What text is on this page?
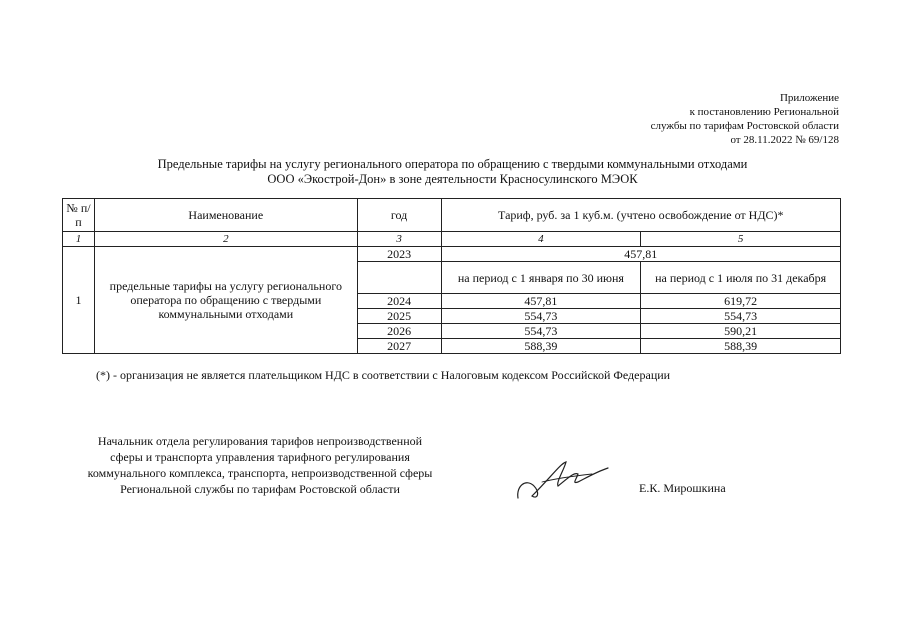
Приложение
к постановлению Региональной
службы по тарифам Ростовской области
от 28.11.2022 № 69/128
Предельные тарифы на услугу регионального оператора по обращению с твердыми коммунальными отходами
ООО «Экострой-Дон» в зоне деятельности Красносулинского МЭОК
№ п/п	Наименование	год	Тариф, руб. за 1 куб.м. (учтено освобождение от НДС)*	
1	2	3	4	5
1	предельные тарифы на услугу регионального оператора по обращению с твердыми коммунальными отходами	2023	457,81	
			на период с 1 января по 30 июня	на период с 1 июля по 31 декабря
		2024	457,81	619,72
		2025	554,73	554,73
		2026	554,73	590,21
		2027	588,39	588,39
(*) - организация не является плательщиком НДС в соответствии с Налоговым кодексом Российской Федерации
Начальник отдела регулирования тарифов непроизводственной
сферы и транспорта управления тарифного регулирования
коммунального комплекса, транспорта, непроизводственной сферы
Региональной службы по тарифам Ростовской области	Е.К. Мирошкина
